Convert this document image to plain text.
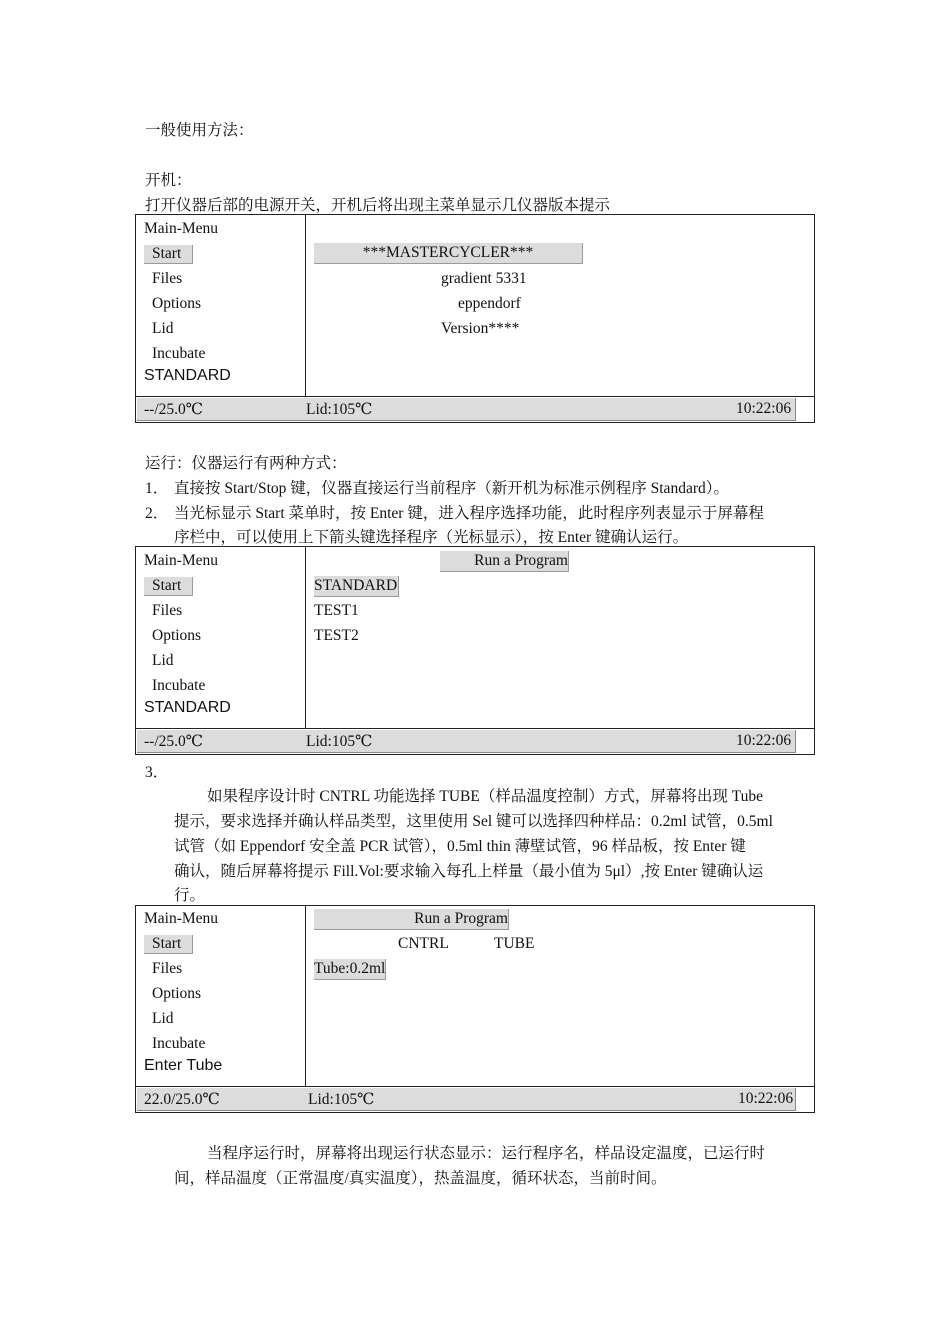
一般使用方法：
开机：
打开仪器后部的电源开关，开机后将出现主菜单显示几仪器版本提示
Main-Menu
Start
Files
Options
Lid
Incubate
STANDARD
***MASTERCYCLER***
gradient 5331
eppendorf
Version****
--/25.0℃	Lid:105℃	10:22:06
运行：仪器运行有两种方式：
1． 直接按 Start/Stop 键，仪器直接运行当前程序（新开机为标准示例程序 Standard）。
2． 当光标显示 Start 菜单时，按 Enter 键，进入程序选择功能，此时程序列表显示于屏幕程
序栏中，可以使用上下箭头键选择程序（光标显示），按 Enter 键确认运行。
Main-Menu
Start
Files
Options
Lid
Incubate
STANDARD
Run a Program
STANDARD
TEST1
TEST2
--/25.0℃	Lid:105℃	10:22:06
3．
如果程序设计时 CNTRL 功能选择 TUBE（样品温度控制）方式，屏幕将出现 Tube
提示，要求选择并确认样品类型，这里使用 Sel 键可以选择四种样品：0.2ml 试管，0.5ml
试管（如 Eppendorf 安全盖 PCR 试管），0.5ml thin 薄壁试管，96 样品板，按 Enter 键
确认，随后屏幕将提示 Fill.Vol:要求输入每孔上样量（最小值为 5μl）,按 Enter 键确认运
行。
Main-Menu
Start
Files
Options
Lid
Incubate
Enter Tube
Run a Program
CNTRL	TUBE
Tube:0.2ml
22.0/25.0℃	Lid:105℃	10:22:06
当程序运行时，屏幕将出现运行状态显示：运行程序名，样品设定温度，已运行时
间，样品温度（正常温度/真实温度），热盖温度，循环状态，当前时间。
